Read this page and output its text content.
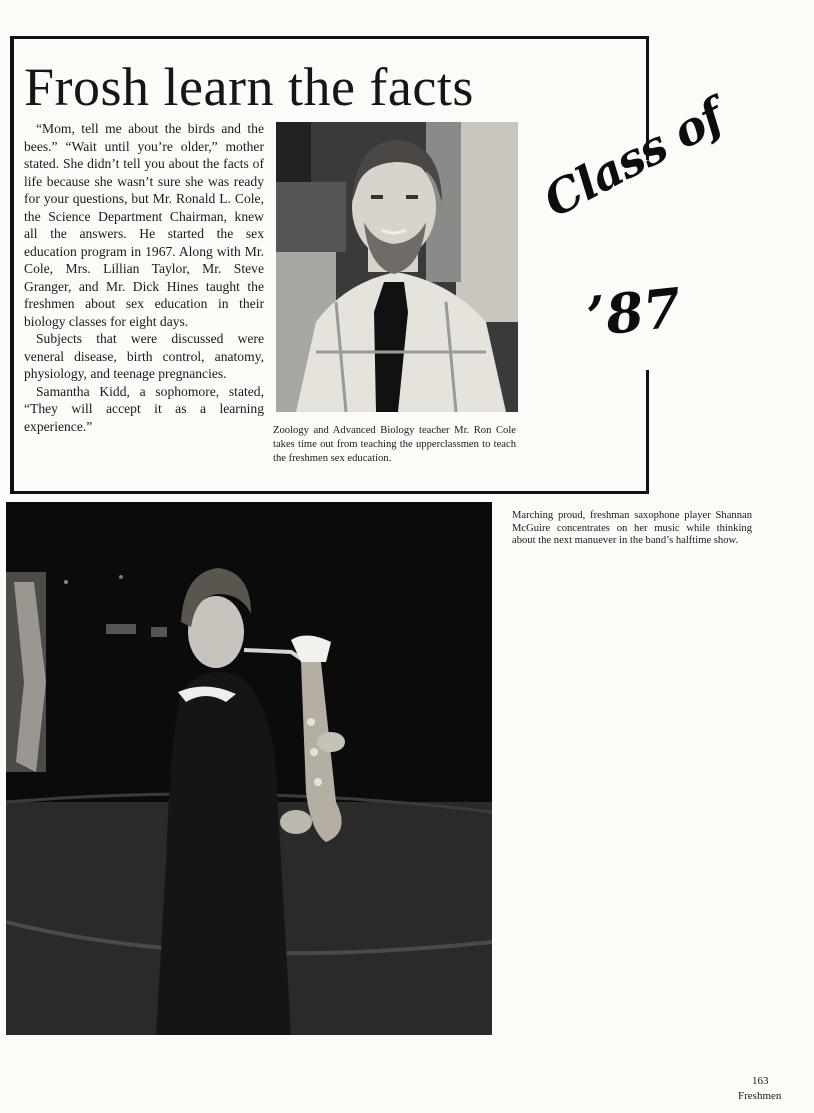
Frosh learn the facts

“Mom, tell me about the birds and the bees.” “Wait until you’re older,” mother stated. She didn’t tell you about the facts of life because she wasn’t sure she was ready for your questions, but Mr. Ronald L. Cole, the Science Department Chairman, knew all the answers. He started the sex education program in 1967. Along with Mr. Cole, Mrs. Lillian Taylor, Mr. Steve Granger, and Mr. Dick Hines taught the freshmen about sex education in their biology classes for eight days.

Subjects that were discussed were veneral disease, birth control, anatomy, physiology, and teenage pregnancies.

Samantha Kidd, a sophomore, stated, “They will accept it as a learning experience.”	Zoology and Advanced Biology teacher Mr. Ron Cole takes time out from teaching the upperclassmen to teach the freshmen sex education.
Class of
’87
Marching proud, freshman saxophone player Shannan McGuire concentrates on her music while thinking about the next manuever in the band’s halftime show.
163
Freshmen
